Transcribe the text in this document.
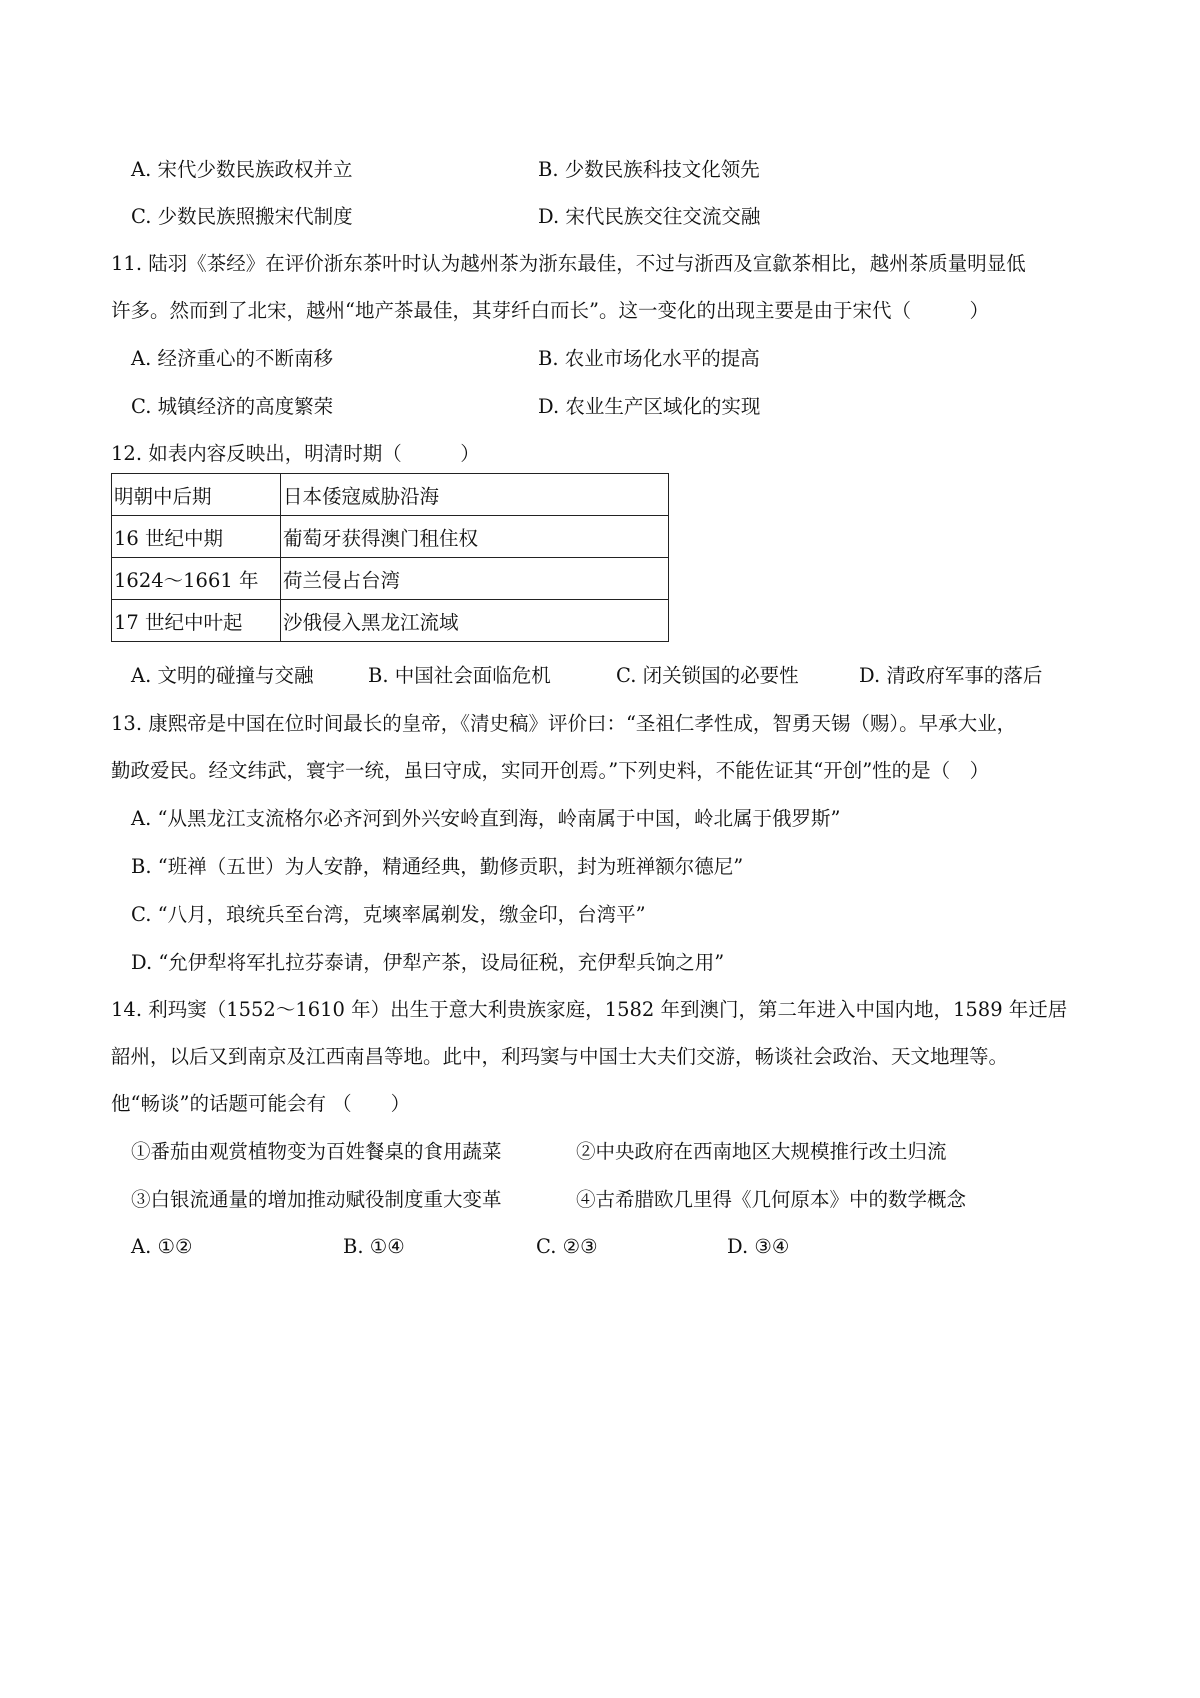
A. 宋代少数民族政权并立	B. 少数民族科技文化领先
C. 少数民族照搬宋代制度	D. 宋代民族交往交流交融
11. 陆羽《茶经》在评价浙东茶叶时认为越州茶为浙东最佳，不过与浙西及宣歙茶相比，越州茶质量明显低
许多。然而到了北宋，越州“地产茶最佳，其芽纤白而长”。这一变化的出现主要是由于宋代（　　　）
A. 经济重心的不断南移	B. 农业市场化水平的提高
C. 城镇经济的高度繁荣	D. 农业生产区域化的实现
12. 如表内容反映出，明清时期（　　　）
明朝中后期	日本倭寇威胁沿海
16 世纪中期	葡萄牙获得澳门租住权
1624～1661 年	荷兰侵占台湾
17 世纪中叶起	沙俄侵入黑龙江流域
A. 文明的碰撞与交融	B. 中国社会面临危机	C. 闭关锁国的必要性	D. 清政府军事的落后
13. 康熙帝是中国在位时间最长的皇帝，《清史稿》评价曰：“圣祖仁孝性成，智勇天锡（赐）。早承大业，
勤政爱民。经文纬武，寰宇一统，虽曰守成，实同开创焉。”下列史料，不能佐证其“开创”性的是（　）
A. “从黑龙江支流格尔必齐河到外兴安岭直到海，岭南属于中国，岭北属于俄罗斯”
B. “班禅（五世）为人安静，精通经典，勤修贡职，封为班禅额尔德尼”
C. “八月，琅统兵至台湾，克塽率属剃发，缴金印，台湾平”
D. “允伊犁将军扎拉芬泰请，伊犁产茶，设局征税，充伊犁兵饷之用”
14. 利玛窦（1552～1610 年）出生于意大利贵族家庭，1582 年到澳门，第二年进入中国内地，1589 年迁居
韶州，以后又到南京及江西南昌等地。此中，利玛窦与中国士大夫们交游，畅谈社会政治、天文地理等。
他“畅谈”的话题可能会有 （　　）
①番茄由观赏植物变为百姓餐桌的食用蔬菜	②中央政府在西南地区大规模推行改土归流
③白银流通量的增加推动赋役制度重大变革	④古希腊欧几里得《几何原本》中的数学概念
A. ①②	B. ①④	C. ②③	D. ③④
